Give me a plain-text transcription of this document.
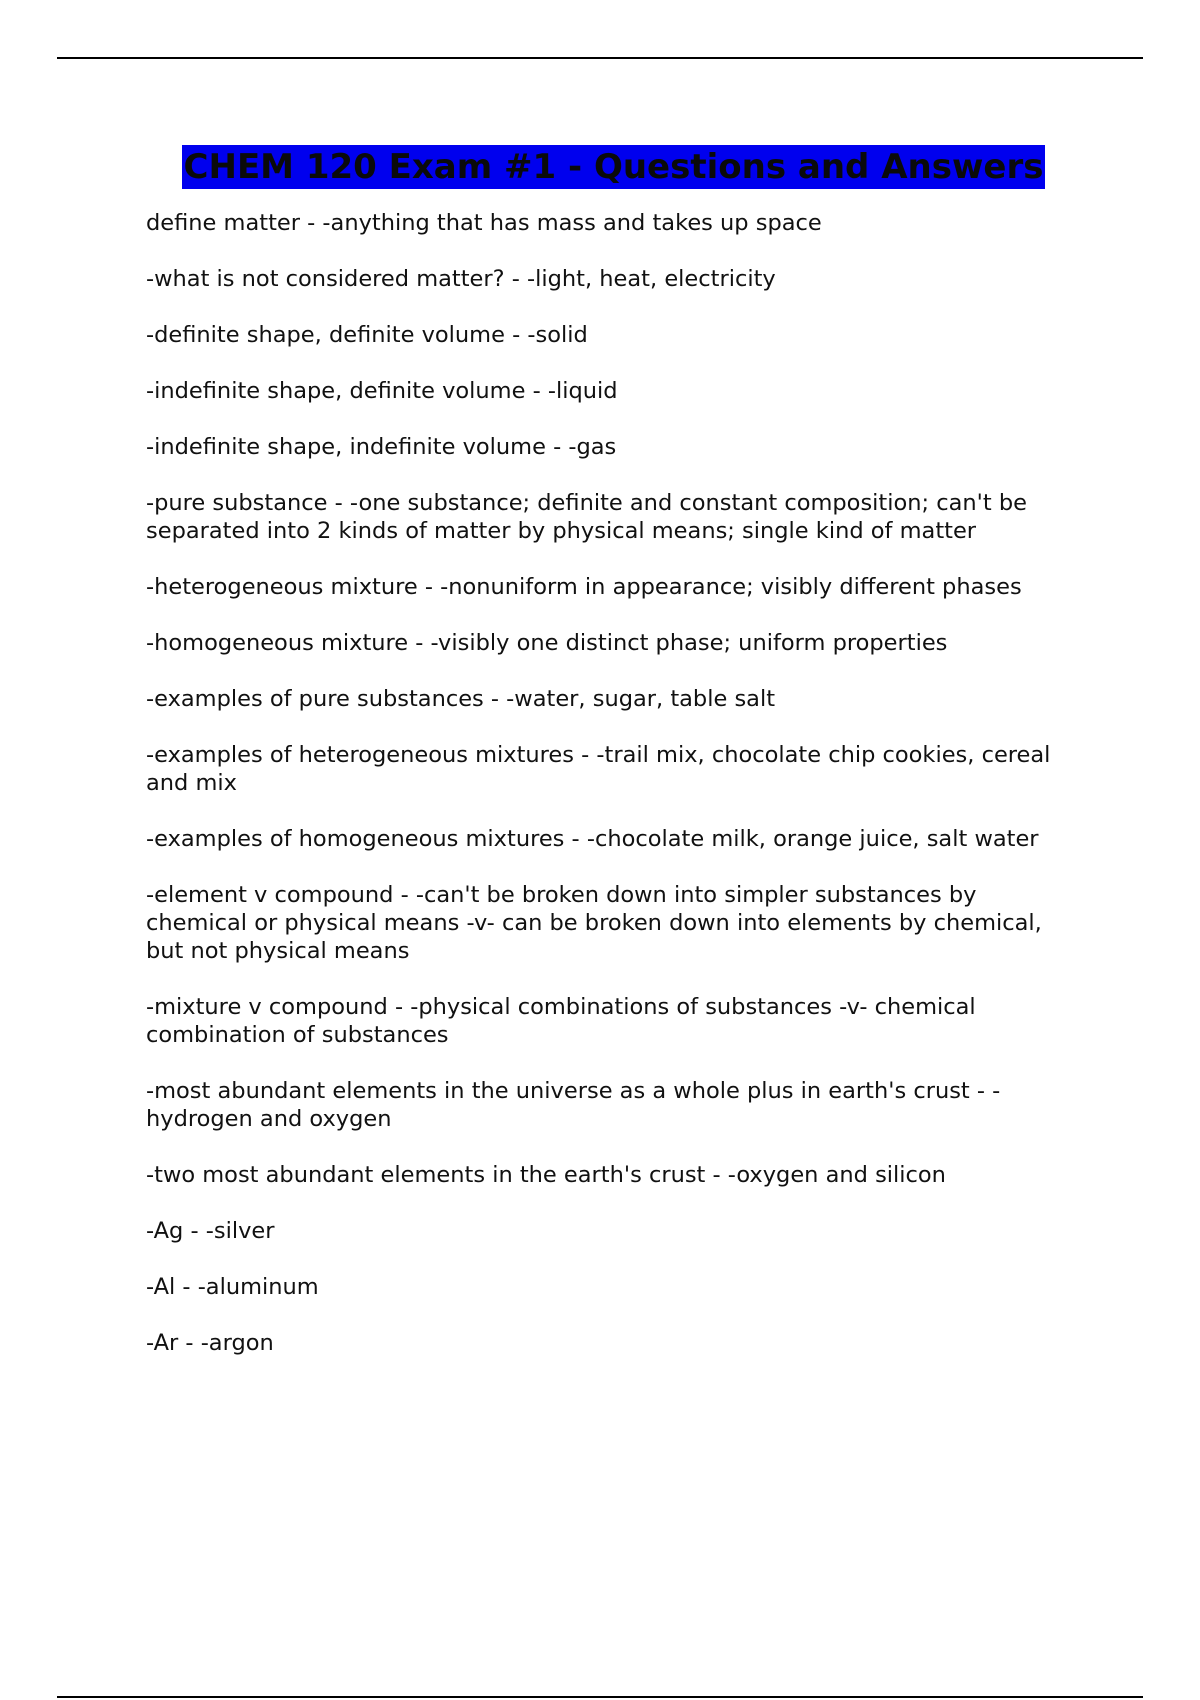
CHEM 120 Exam #1 - Questions and Answers
define matter - -anything that has mass and takes up space
-what is not considered matter? - -light, heat, electricity
-definite shape, definite volume - -solid
-indefinite shape, definite volume - -liquid
-indefinite shape, indefinite volume - -gas
-pure substance - -one substance; definite and constant composition; can't be separated into 2 kinds of matter by physical means; single kind of matter
-heterogeneous mixture - -nonuniform in appearance; visibly different phases
-homogeneous mixture - -visibly one distinct phase; uniform properties
-examples of pure substances - -water, sugar, table salt
-examples of heterogeneous mixtures - -trail mix, chocolate chip cookies, cereal and mix
-examples of homogeneous mixtures - -chocolate milk, orange juice, salt water
-element v compound - -can't be broken down into simpler substances by chemical or physical means -v- can be broken down into elements by chemical, but not physical means
-mixture v compound - -physical combinations of substances -v- chemical combination of substances
-most abundant elements in the universe as a whole plus in earth's crust - -hydrogen and oxygen
-two most abundant elements in the earth's crust - -oxygen and silicon
-Ag - -silver
-Al - -aluminum
-Ar - -argon
